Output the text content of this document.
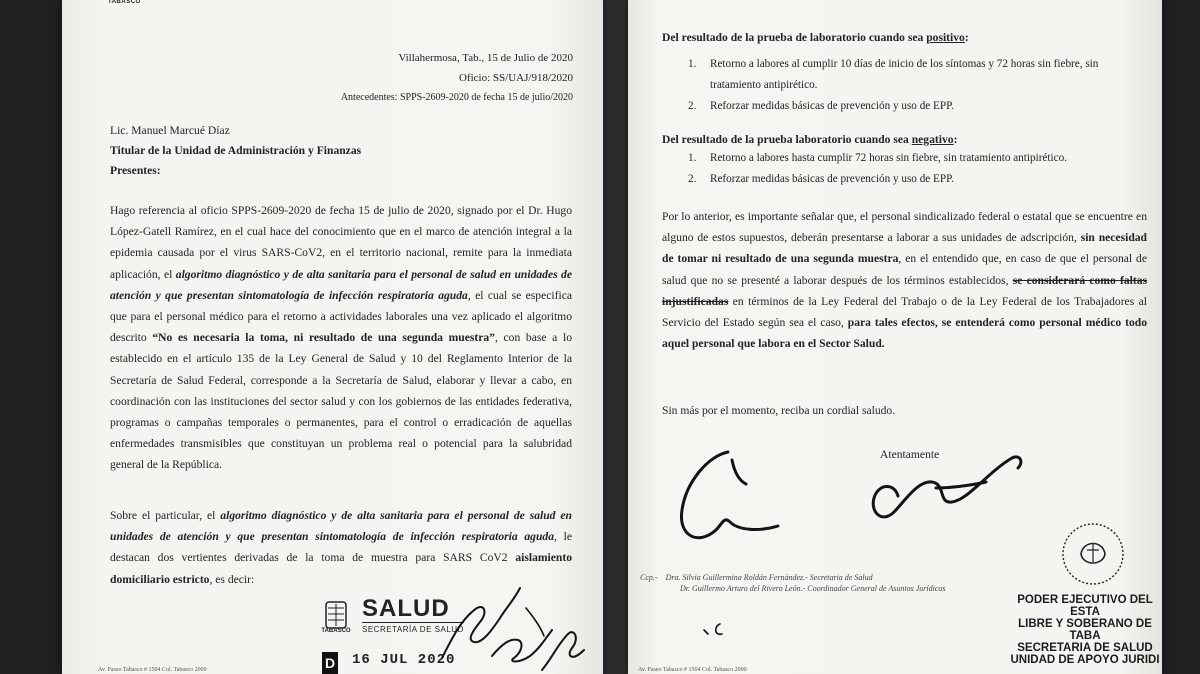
TABASCO

Villahermosa, Tab., 15 de Julio de 2020
Oficio: SS/UAJ/918/2020
Antecedentes: SPPS-2609-2020 de fecha 15 de julio/2020
Lic. Manuel Marcué Díaz
Titular de la Unidad de Administración y Finanzas
Presentes:

Hago referencia al oficio SPPS-2609-2020 de fecha 15 de julio de 2020, signado por el Dr. Hugo López-Gatell Ramírez, en el cual hace del conocimiento que en el marco de atención integral a la epidemia causada por el virus SARS-CoV2, en el territorio nacional, remite para la inmediata aplicación, el algoritmo diagnóstico y de alta sanitaria para el personal de salud en unidades de atención y que presentan sintomatología de infección respiratoria aguda, el cual se especifica que para el personal médico para el retorno a actividades laborales una vez aplicado el algoritmo descrito “No es necesaria la toma, ni resultado de una segunda muestra”, con base a lo establecido en el artículo 135 de la Ley General de Salud y 10 del Reglamento Interior de la Secretaría de Salud Federal, corresponde a la Secretaría de Salud, elaborar y llevar a cabo, en coordinación con las instituciones del sector salud y con los gobiernos de las entidades federativa, programas o campañas temporales o permanentes, para el control o erradicación de aquellas enfermedades transmisibles que constituyan un problema real o potencial para la salubridad general de la República.

Sobre el particular, el algoritmo diagnóstico y de alta sanitaria para el personal de salud en unidades de atención y que presentan sintomatología de infección respiratoria aguda, le destacan dos vertientes derivadas de la toma de muestra para SARS CoV2 aislamiento domiciliario estricto, es decir:

TABASCO
SALUD
SECRETARÍA DE SALUD
D 16 JUL 2020
Av. Paseo Tabasco # 1504 Col. Tabasco 2000

Del resultado de la prueba de laboratorio cuando sea positivo:

1.	Retorno a labores al cumplir 10 días de inicio de los síntomas y 72 horas sin fiebre, sin tratamiento antipirético.
2.	Reforzar medidas básicas de prevención y uso de EPP.

Del resultado de la prueba laboratorio cuando sea negativo:

1.	Retorno a labores hasta cumplir 72 horas sin fiebre, sin tratamiento antipirético.
2.	Reforzar medidas básicas de prevención y uso de EPP.

Por lo anterior, es importante señalar que, el personal sindicalizado federal o estatal que se encuentre en alguno de estos supuestos, deberán presentarse a laborar a sus unidades de adscripción, sin necesidad de tomar ni resultado de una segunda muestra, en el entendido que, en caso de que el personal de salud que no se presenté a laborar después de los términos establecidos, se considerará como faltas injustificadas en términos de la Ley Federal del Trabajo o de la Ley Federal de los Trabajadores al Servicio del Estado según sea el caso, para tales efectos, se entenderá como personal médico todo aquel personal que labora en el Sector Salud.

Sin más por el momento, reciba un cordial saludo.

Atentamente

Ccp.- Dra. Silvia Guillermina Roldán Fernández.- Secretaria de Salud
Dr. Guillermo Arturo del Rivero León.- Coordinador General de Asuntos Jurídicos
PODER EJECUTIVO DEL ESTA
LIBRE Y SOBERANO DE TABA
SECRETARIA DE SALUD
UNIDAD DE APOYO JURIDI
Av. Paseo Tabasco # 1504 Col. Tabasco 2000
